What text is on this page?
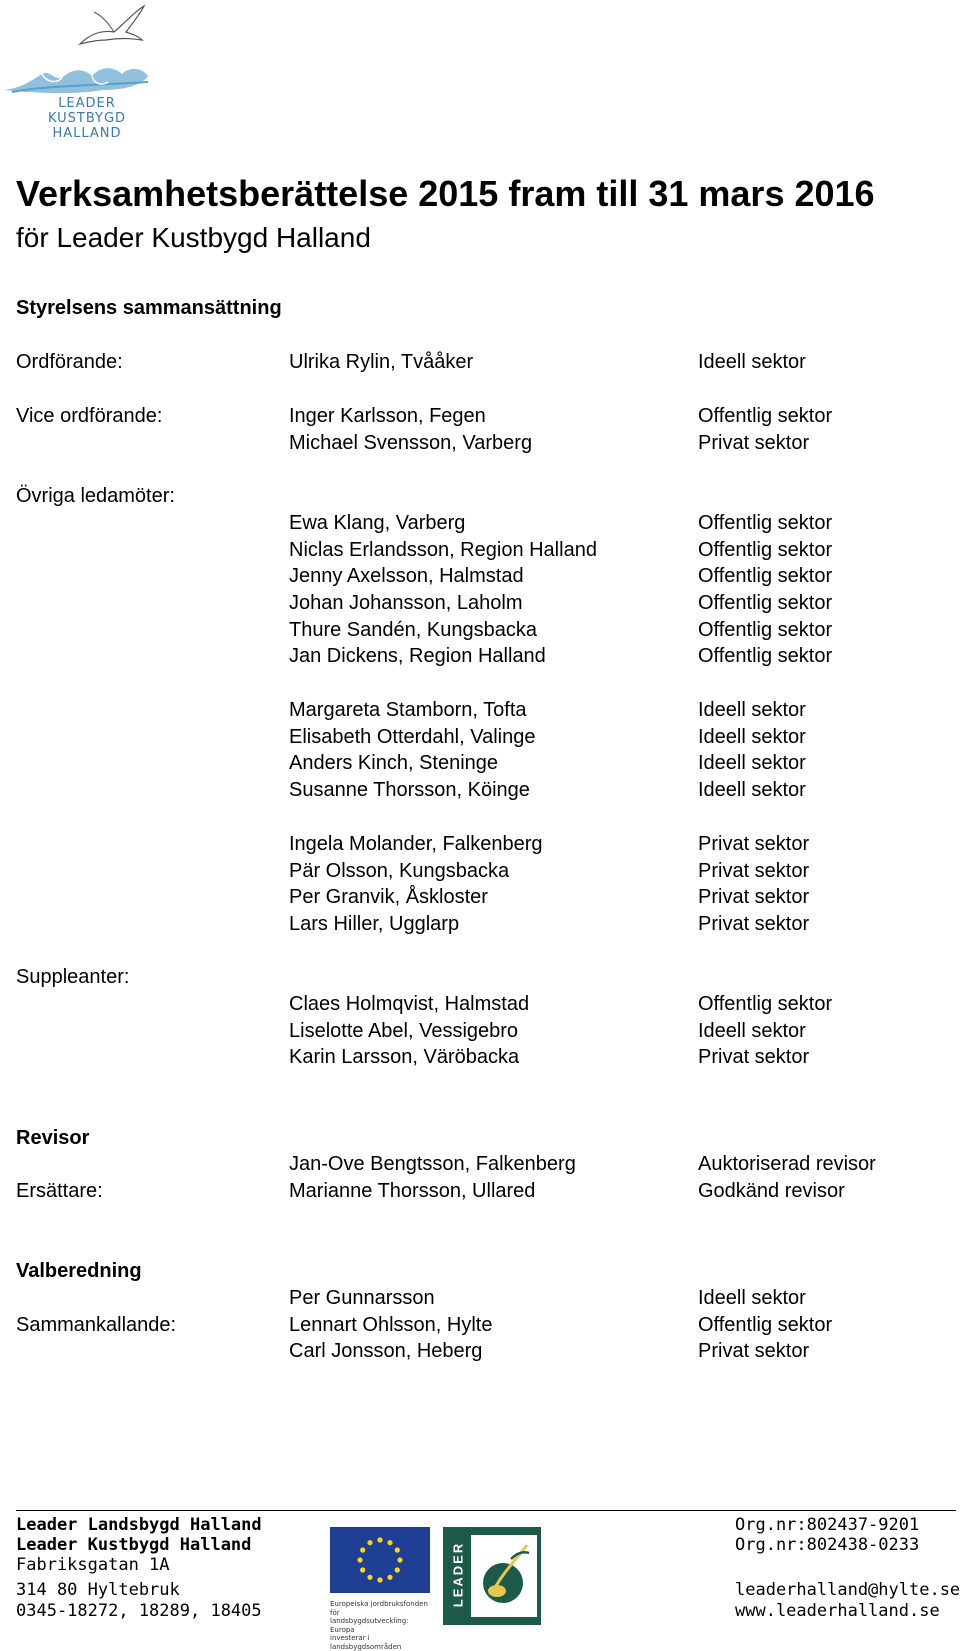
LEADER
KUSTBYGD
HALLAND
Verksamhetsberättelse 2015 fram till 31 mars 2016
för Leader Kustbygd Halland
Styrelsens sammansättning
Ordförande:	Ulrika Rylin, Tvååker	Ideell sektor
Vice ordförande:	Inger Karlsson, Fegen	Offentlig sektor
Michael Svensson, Varberg	Privat sektor
Övriga ledamöter:
Ewa Klang, Varberg	Offentlig sektor
Niclas Erlandsson, Region Halland	Offentlig sektor
Jenny Axelsson, Halmstad	Offentlig sektor
Johan Johansson, Laholm	Offentlig sektor
Thure Sandén, Kungsbacka	Offentlig sektor
Jan Dickens, Region Halland	Offentlig sektor
Margareta Stamborn, Tofta	Ideell sektor
Elisabeth Otterdahl, Valinge	Ideell sektor
Anders Kinch, Steninge	Ideell sektor
Susanne Thorsson, Köinge	Ideell sektor
Ingela Molander, Falkenberg	Privat sektor
Pär Olsson, Kungsbacka	Privat sektor
Per Granvik, Åskloster	Privat sektor
Lars Hiller, Ugglarp	Privat sektor
Suppleanter:
Claes Holmqvist, Halmstad	Offentlig sektor
Liselotte Abel, Vessigebro	Ideell sektor
Karin Larsson, Väröbacka	Privat sektor
Revisor
Jan-Ove Bengtsson, Falkenberg	Auktoriserad revisor
Ersättare:	Marianne Thorsson, Ullared	Godkänd revisor
Valberedning
Per Gunnarsson	Ideell sektor
Sammankallande:	Lennart Ohlsson, Hylte	Offentlig sektor
Carl Jonsson, Heberg	Privat sektor
Leader Landsbygd Halland
Leader Kustbygd Halland
Fabriksgatan 1A
314 80 Hyltebruk
0345-18272, 18289, 18405
Org.nr:802437-9201
Org.nr:802438-0233
leaderhalland@hylte.se
www.leaderhalland.se
Europeiska jordbruksfonden för
landsbygdsutveckling: Europa
investerar i landsbygdsområden
LEADER
